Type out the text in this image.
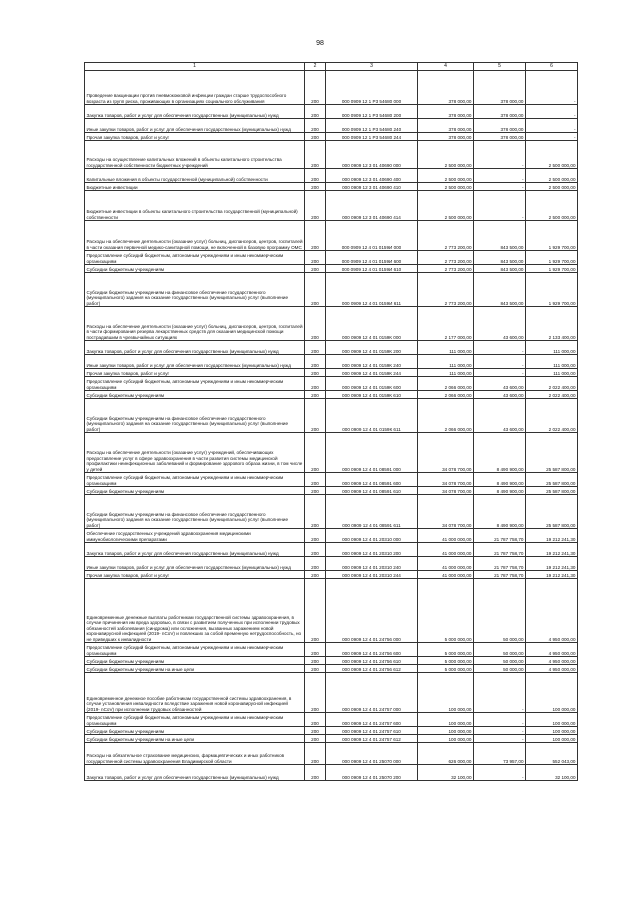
98
1	2	3	4	5	6
Проведение вакцинации против пневмококковой инфекции граждан старше трудоспособного возраста из групп риска, проживающих в организациях социального обслуживания	200	000 0909 12 1 Р3 54680 000	378 000,00	378 000,00	-
Закупка товаров, работ и услуг для обеспечения государственных (муниципальных) нужд	200	000 0909 12 1 Р3 54680 200	378 000,00	378 000,00	-
Иные закупки товаров, работ и услуг для обеспечения государственных (муниципальных) нужд	200	000 0909 12 1 Р3 54680 240	378 000,00	378 000,00	-
Прочая закупка товаров, работ и услуг	200	000 0909 12 1 Р3 54680 244	378 000,00	378 000,00	-
Расходы на осуществление капитальных вложений в объекты капитального строительства государственной собственности бюджетных учреждений	200	000 0909 12 3 01 40690 000	2 500 000,00	-	2 500 000,00
Капитальные вложения в объекты государственной (муниципальной) собственности	200	000 0909 12 3 01 40690 400	2 500 000,00	-	2 500 000,00
Бюджетные инвестиции	200	000 0909 12 3 01 40690 410	2 500 000,00	-	2 500 000,00
Бюджетные инвестиции в объекты капитального строительства государственной (муниципальной) собственности	200	000 0909 12 3 01 40690 414	2 500 000,00	-	2 500 000,00
Расходы на обеспечение деятельности (оказание услуг) больниц, диспансеров, центров, госпиталей в части оказания первичной медико-санитарной помощи, не включенной в базовую программу ОМС	200	000 0909 12 4 01 0159И 000	2 773 200,00	843 500,00	1 929 700,00
Предоставление субсидий бюджетным, автономным учреждениям и иным некоммерческим организациям	200	000 0909 12 4 01 0159И 600	2 773 200,00	843 500,00	1 929 700,00
Субсидии бюджетным учреждениям	200	000 0909 12 4 01 0159И 610	2 773 200,00	843 500,00	1 929 700,00
Субсидии бюджетным учреждениям на финансовое обеспечение государственного (муниципального) задания на оказание государственных (муниципальных) услуг (выполнение работ)	200	000 0909 12 4 01 0159И 611	2 773 200,00	843 500,00	1 929 700,00
Расходы на обеспечение деятельности (оказание услуг) больниц, диспансеров, центров, госпиталей в части формирования резерва лекарственных средств для оказания медицинской помощи пострадавшим в чрезвычайных ситуациях	200	000 0909 12 4 01 0159К 000	2 177 000,00	43 600,00	2 133 400,00
Закупка товаров, работ и услуг для обеспечения государственных (муниципальных) нужд	200	000 0909 12 4 01 0159К 200	111 000,00	-	111 000,00
Иные закупки товаров, работ и услуг для обеспечения государственных (муниципальных) нужд	200	000 0909 12 4 01 0159К 240	111 000,00	-	111 000,00
Прочая закупка товаров, работ и услуг	200	000 0909 12 4 01 0159К 244	111 000,00	-	111 000,00
Предоставление субсидий бюджетным, автономным учреждениям и иным некоммерческим организациям	200	000 0909 12 4 01 0159К 600	2 066 000,00	43 600,00	2 022 400,00
Субсидии бюджетным учреждениям	200	000 0909 12 4 01 0159К 610	2 066 000,00	43 600,00	2 022 400,00
Субсидии бюджетным учреждениям на финансовое обеспечение государственного (муниципального) задания на оказание государственных (муниципальных) услуг (выполнение работ)	200	000 0909 12 4 01 0159К 611	2 066 000,00	43 600,00	2 022 400,00
Расходы на обеспечение деятельности (оказание услуг) учреждений, обеспечивающих предоставление услуг в сфере здравоохранения в части развития системы медицинской профилактики неинфекционных заболеваний и формирование здорового образа жизни, в том числе у детей	200	000 0909 12 4 01 08591 000	34 078 700,00	8 490 900,00	25 587 800,00
Предоставление субсидий бюджетным, автономным учреждениям и иным некоммерческим организациям	200	000 0909 12 4 01 08591 600	34 078 700,00	8 490 900,00	25 587 800,00
Субсидии бюджетным учреждениям	200	000 0909 12 4 01 08591 610	34 078 700,00	8 490 900,00	25 587 800,00
Субсидии бюджетным учреждениям на финансовое обеспечение государственного (муниципального) задания на оказание государственных (муниципальных) услуг (выполнение работ)	200	000 0909 12 4 01 08591 611	34 078 700,00	8 490 900,00	25 587 800,00
Обеспечение государственных учреждений здравоохранения медицинскими иммунобиологическими препаратами	200	000 0909 12 4 01 20310 000	41 000 000,00	21 787 758,70	19 212 241,30
Закупка товаров, работ и услуг для обеспечения государственных (муниципальных) нужд	200	000 0909 12 4 01 20310 200	41 000 000,00	21 787 758,70	19 212 241,30
Иные закупки товаров, работ и услуг для обеспечения государственных (муниципальных) нужд	200	000 0909 12 4 01 20310 240	41 000 000,00	21 787 758,70	19 212 241,30
Прочая закупка товаров, работ и услуг	200	000 0909 12 4 01 20310 244	41 000 000,00	21 787 758,70	19 212 241,30
Единовременные денежные выплаты работникам государственной системы здравоохранения, в случае причинения им вреда здоровью, в связи с развитием полученных при исполнении трудовых обязанностей заболевания (синдрома) или осложнения, вызванных заражением новой коронавирусной инфекцией (2019- nCoV) и повлекших за собой временную нетрудоспособность, но не приведших к инвалидности	200	000 0909 12 4 01 24756 000	5 000 000,00	50 000,00	4 950 000,00
Предоставление субсидий бюджетным, автономным учреждениям и иным некоммерческим организациям	200	000 0909 12 4 01 24756 600	5 000 000,00	50 000,00	4 950 000,00
Субсидии бюджетным учреждениям	200	000 0909 12 4 01 24756 610	5 000 000,00	50 000,00	4 950 000,00
Субсидии бюджетным учреждениям на иные цели	200	000 0909 12 4 01 24756 612	5 000 000,00	50 000,00	4 950 000,00
Единовременное денежное пособие работникам государственной системы здравоохранения, в случае установления инвалидности вследствие заражения новой коронавирусной инфекцией (2019- nCoV) при исполнении трудовых обязанностей	200	000 0909 12 4 01 24757 000	100 000,00	-	100 000,00
Предоставление субсидий бюджетным, автономным учреждениям и иным некоммерческим организациям	200	000 0909 12 4 01 24757 600	100 000,00	-	100 000,00
Субсидии бюджетным учреждениям	200	000 0909 12 4 01 24757 610	100 000,00	-	100 000,00
Субсидии бюджетным учреждениям на иные цели	200	000 0909 12 4 01 24757 612	100 000,00	-	100 000,00
Расходы на обязательное страхование медицинских, фармацевтических и иных работников государственной системы здравоохранения Владимирской области	200	000 0909 12 4 01 25070 000	626 000,00	73 957,00	552 043,00
Закупка товаров, работ и услуг для обеспечения государственных (муниципальных) нужд	200	000 0909 12 4 01 25070 200	32 100,00	-	32 100,00
